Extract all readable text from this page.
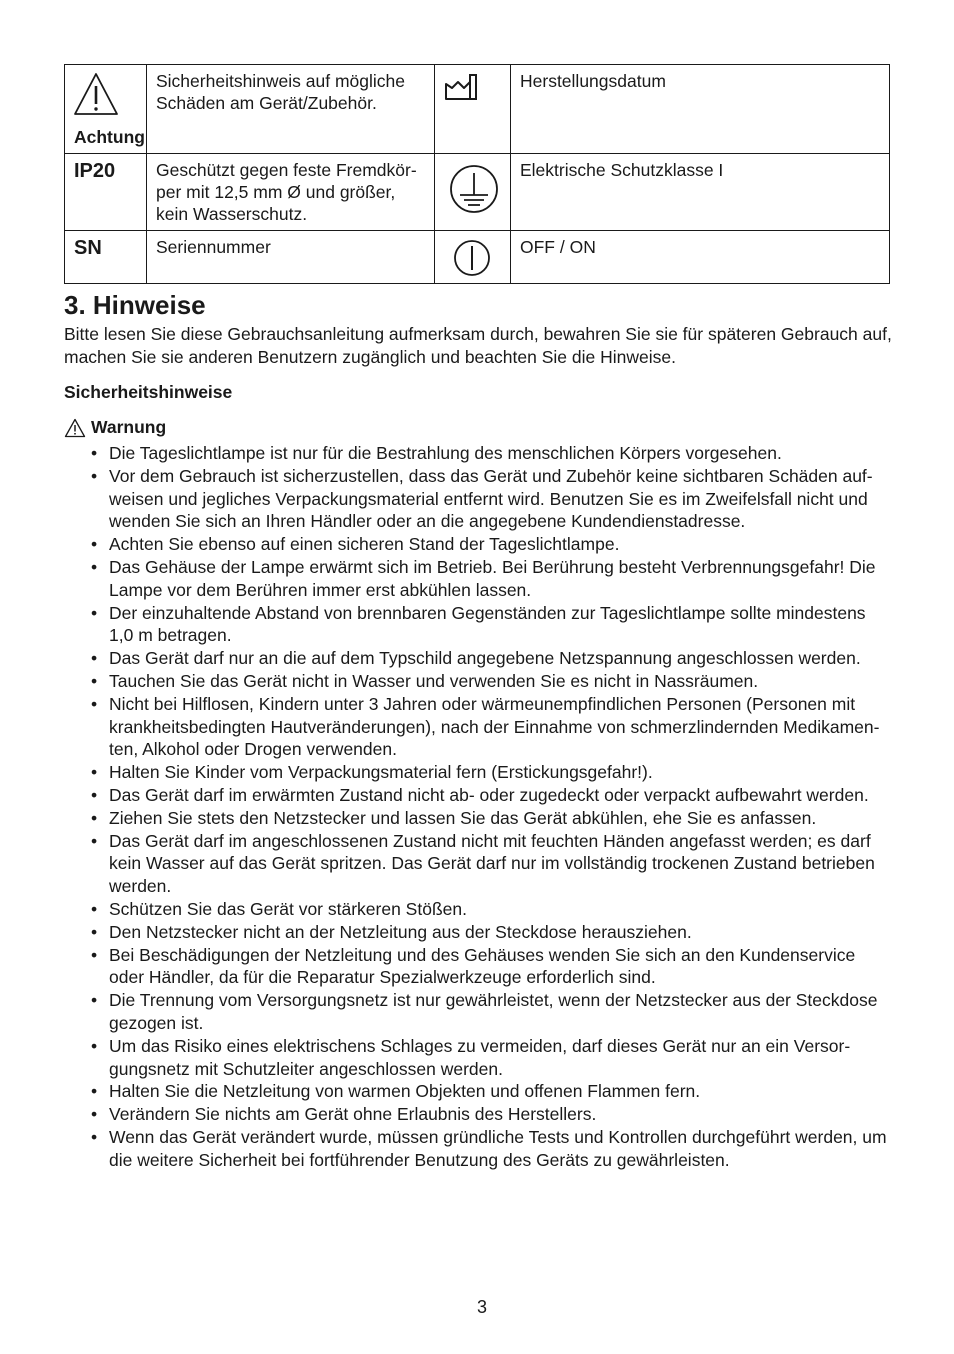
Achtung	Sicherheitshinweis auf mögliche Schäden am Gerät/Zubehör.		Herstellungsdatum
IP20	Geschützt gegen feste Fremdkör-per mit 12,5 mm Ø und größer, kein Wasserschutz.		Elektrische Schutzklasse I
SN	Seriennummer		OFF / ON
3. Hinweise

Bitte lesen Sie diese Gebrauchsanleitung aufmerksam durch, bewahren Sie sie für späteren Gebrauch auf, machen Sie sie anderen Benutzern zugänglich und beachten Sie die Hinweise.

Sicherheitshinweise

Warnung
• Die Tageslichtlampe ist nur für die Bestrahlung des menschlichen Körpers vorgesehen.
• Vor dem Gebrauch ist sicherzustellen, dass das Gerät und Zubehör keine sichtbaren Schäden auf-weisen und jegliches Verpackungsmaterial entfernt wird. Benutzen Sie es im Zweifelsfall nicht und wenden Sie sich an Ihren Händler oder an die angegebene Kundendienstadresse.
• Achten Sie ebenso auf einen sicheren Stand der Tageslichtlampe.
• Das Gehäuse der Lampe erwärmt sich im Betrieb. Bei Berührung besteht Verbrennungsgefahr! Die Lampe vor dem Berühren immer erst abkühlen lassen.
• Der einzuhaltende Abstand von brennbaren Gegenständen zur Tageslichtlampe sollte mindestens 1,0 m betragen.
• Das Gerät darf nur an die auf dem Typschild angegebene Netzspannung angeschlossen werden.
• Tauchen Sie das Gerät nicht in Wasser und verwenden Sie es nicht in Nassräumen.
• Nicht bei Hilflosen, Kindern unter 3 Jahren oder wärmeunempfindlichen Personen (Personen mit krankheitsbedingten Hautveränderungen), nach der Einnahme von schmerzlindernden Medikamen-ten, Alkohol oder Drogen verwenden.
• Halten Sie Kinder vom Verpackungsmaterial fern (Erstickungsgefahr!).
• Das Gerät darf im erwärmten Zustand nicht ab- oder zugedeckt oder verpackt aufbewahrt werden.
• Ziehen Sie stets den Netzstecker und lassen Sie das Gerät abkühlen, ehe Sie es anfassen.
• Das Gerät darf im angeschlossenen Zustand nicht mit feuchten Händen angefasst werden; es darf kein Wasser auf das Gerät spritzen. Das Gerät darf nur im vollständig trockenen Zustand betrieben werden.
• Schützen Sie das Gerät vor stärkeren Stößen.
• Den Netzstecker nicht an der Netzleitung aus der Steckdose herausziehen.
• Bei Beschädigungen der Netzleitung und des Gehäuses wenden Sie sich an den Kundenservice oder Händler, da für die Reparatur Spezialwerkzeuge erforderlich sind.
• Die Trennung vom Versorgungsnetz ist nur gewährleistet, wenn der Netzstecker aus der Steckdose gezogen ist.
• Um das Risiko eines elektrischens Schlages zu vermeiden, darf dieses Gerät nur an ein Versor-gungsnetz mit Schutzleiter angeschlossen werden.
• Halten Sie die Netzleitung von warmen Objekten und offenen Flammen fern.
• Verändern Sie nichts am Gerät ohne Erlaubnis des Herstellers.
• Wenn das Gerät verändert wurde, müssen gründliche Tests und Kontrollen durchgeführt werden, um die weitere Sicherheit bei fortführender Benutzung des Geräts zu gewährleisten.
3
